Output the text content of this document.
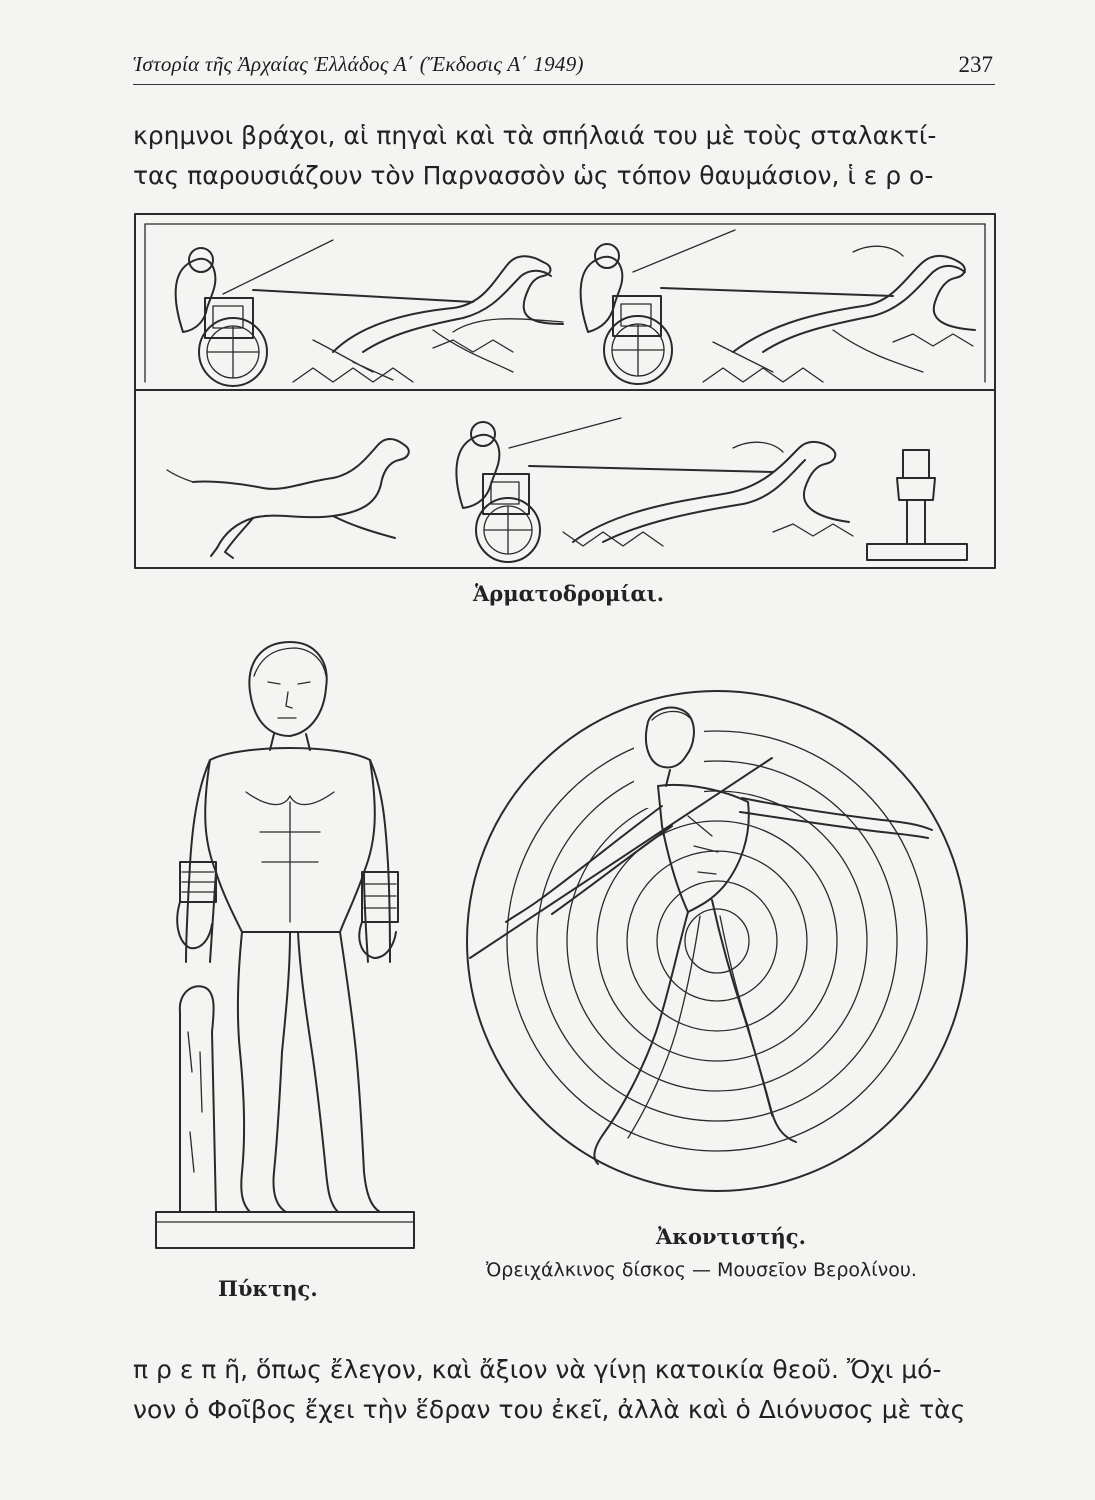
Ἱστορία τῆς Ἀρχαίας Ἑλλάδος Α΄ (Ἔκδοσις Α΄ 1949)	237
κρημνοι βράχοι, αἱ πηγαὶ καὶ τὰ σπήλαιά του μὲ τοὺς σταλακτί-
τας παρουσιάζουν τὸν Παρνασσὸν ὡς τόπον θαυμάσιον, ἱ ε ρ ο-
Ἁρματοδρομίαι.
Πύκτης.
Ἀκοντιστής.
Ὀρειχάλκινος δίσκος — Μουσεῖον Βερολίνου.
π ρ ε π ῆ, ὅπως ἔλεγον, καὶ ἄξιον νὰ γίνῃ κατοικία θεοῦ. Ὄχι μό-
νον ὁ Φοῖβος ἔχει τὴν ἕδραν του ἐκεῖ, ἀλλὰ καὶ ὁ Διόνυσος μὲ τὰς
